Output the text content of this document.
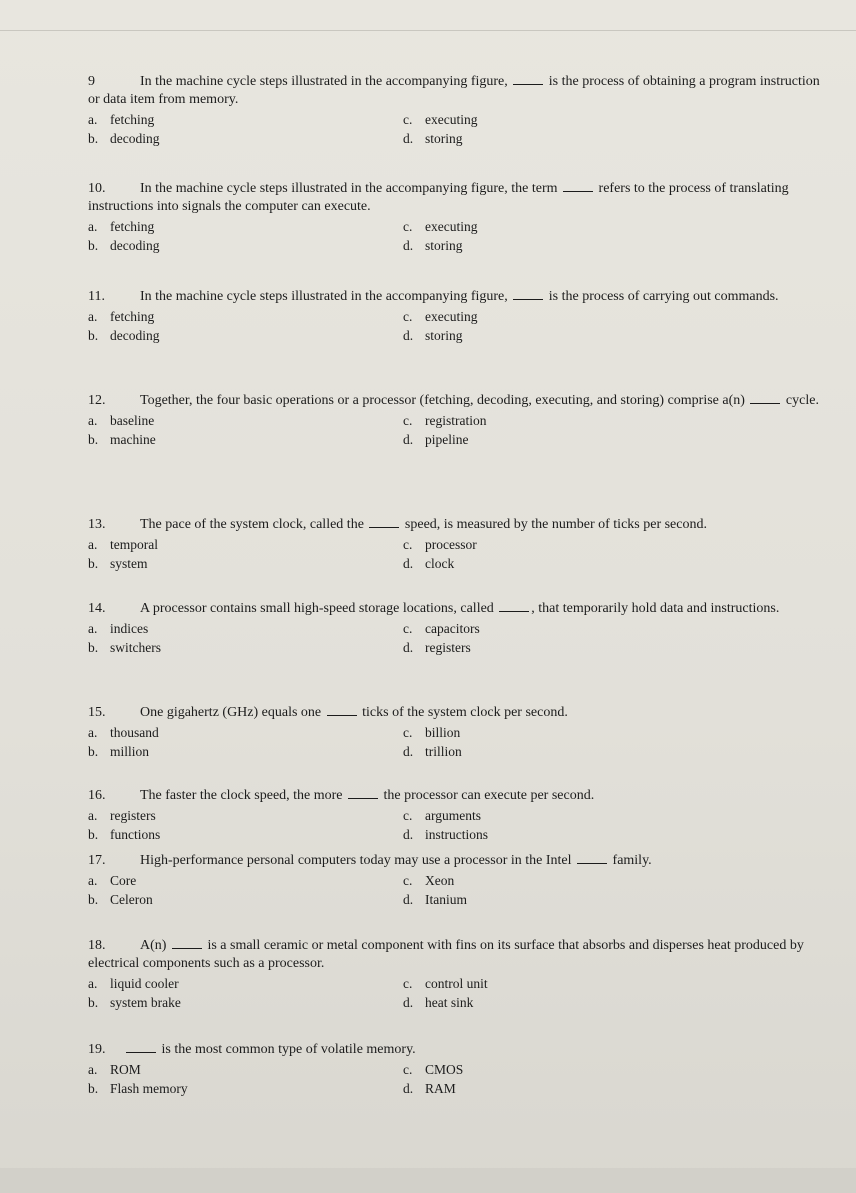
9	In the machine cycle steps illustrated in the accompanying figure,	is the process of obtaining a program instruction or data item from memory.

a. fetching
b. decoding
c. executing
d. storing

10. In the machine cycle steps illustrated in the accompanying figure, the term	refers to the process of translating instructions into signals the computer can execute.

a. fetching
b. decoding
c. executing
d. storing

11.	In the machine cycle steps illustrated in the accompanying figure,	is the process of carrying out commands.

a. fetching
b. decoding
c. executing
d. storing

12. Together, the four basic operations or a processor (fetching, decoding, executing, and storing) comprise a(n)	cycle.

a. baseline
b. machine
c. registration
d. pipeline

13. The pace of the system clock, called the	speed, is measured by the number of ticks per second.

a. temporal
b. system
c. processor
d. clock

14. A processor contains small high-speed storage locations, called	, that temporarily hold data and instructions.

a. indices
b. switchers
c. capacitors
d. registers

15. One gigahertz (GHz) equals one	ticks of the system clock per second.

a. thousand
b. million
c. billion
d. trillion

16. The faster the clock speed, the more	the processor can execute per second.

a. registers
b. functions
c. arguments
d. instructions

17. High-performance personal computers today may use a processor in the Intel	family.

a. Core
b. Celeron
c. Xeon
d. Itanium

18. A(n)	is a small ceramic or metal component with fins on its surface that absorbs and disperses heat produced by electrical components such as a processor.

a. liquid cooler
b. system brake
c. control unit
d. heat sink

19.	is the most common type of volatile memory.

a. ROM
b. Flash memory
c. CMOS
d. RAM
